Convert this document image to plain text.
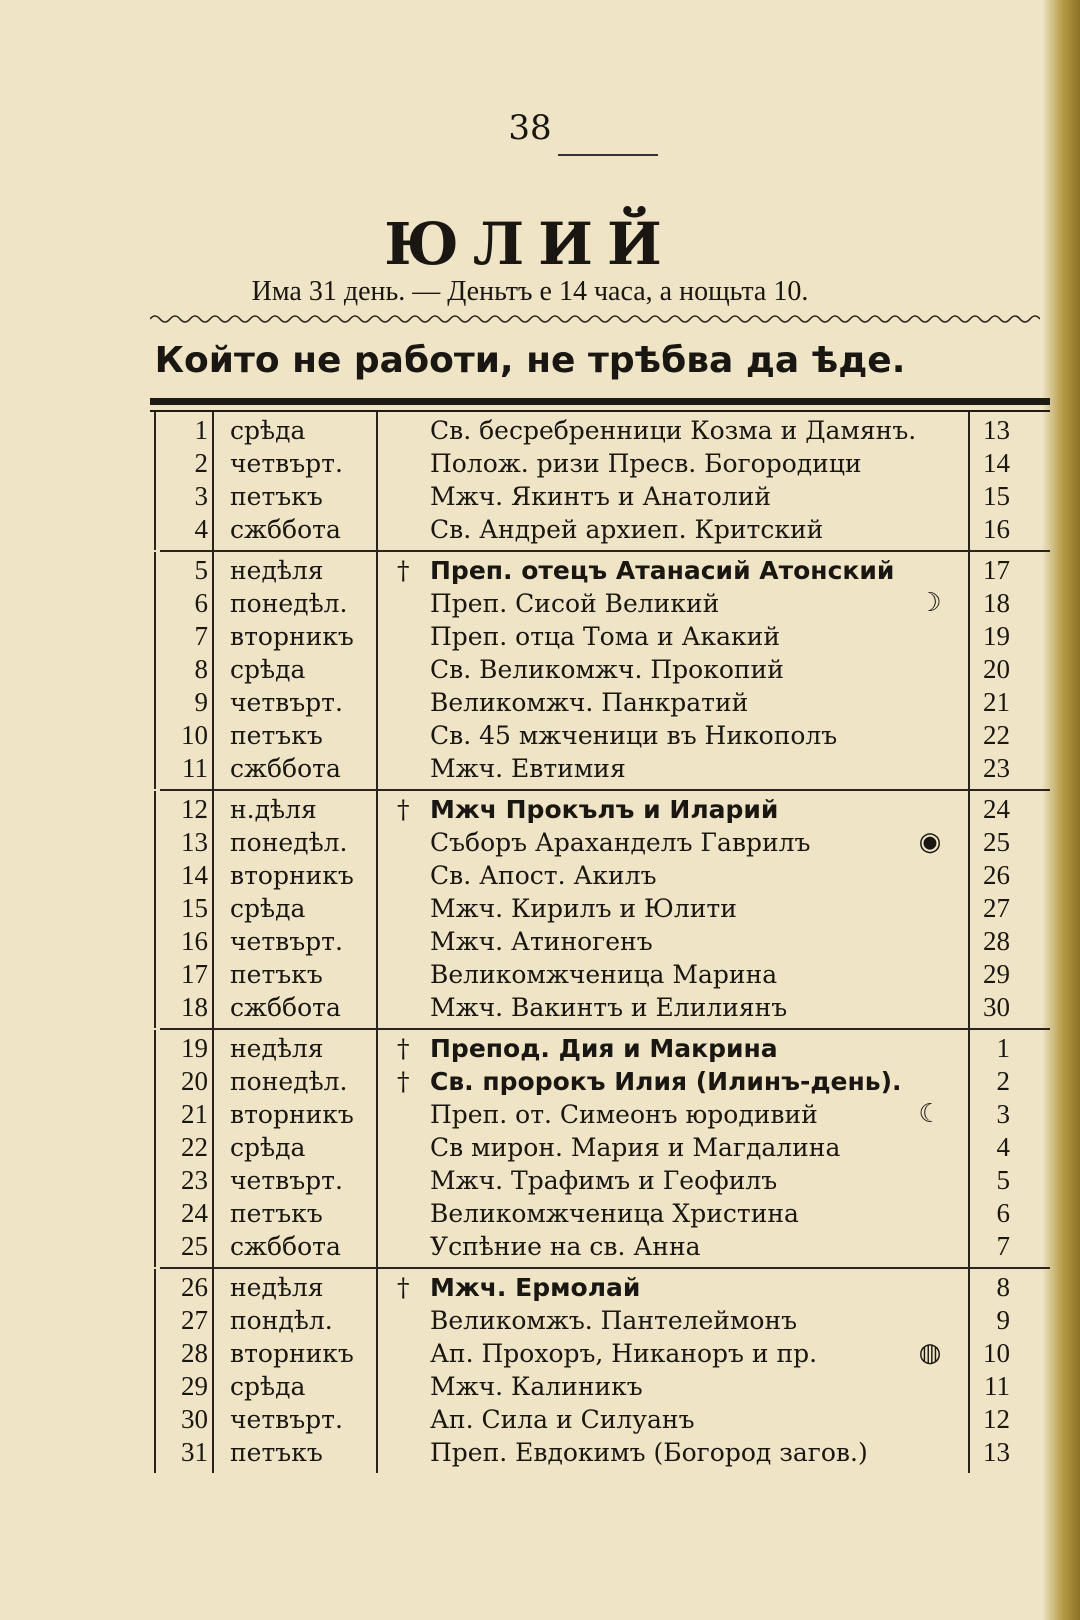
38
ЮЛИЙ
Има 31 день. — Деньтъ е 14 часа, а нощьта 10.
Който не работи, не трѣбва да ѣде.
1 срѣда	Св. бесребренници Козма и Дамянъ.	13
2 четвърт.	Полож. ризи Пресв. Богородици	14
3 петъкъ	Мжч. Якинтъ и Анатолий	15
4 сжббота	Св. Андрей архиеп. Критский	16
5 недѣля	† Преп. отецъ Атанасий Атонский	17
6 понедѣл.	Преп. Сисой Великий	☽	18
7 вторникъ	Преп. отца Тома и Акакий	19
8 срѣда	Св. Великомжч. Прокопий	20
9 четвърт.	Великомжч. Панкратий	21
10 петъкъ	Св. 45 мжченици въ Никополъ	22
11 сжббота	Мжч. Евтимия	23
12 н.дѣля	† Мжч Прокълъ и Иларий	24
13 понедѣл.	Съборъ Араханделъ Гаврилъ	◉	25
14 вторникъ	Св. Апост. Акилъ	26
15 срѣда	Мжч. Кирилъ и Юлити	27
16 четвърт.	Мжч. Атиногенъ	28
17 петъкъ	Великомжченица Марина	29
18 сжббота	Мжч. Вакинтъ и Елилиянъ	30
19 недѣля	† Препод. Дия и Макрина	1
20 понедѣл. † Св. пророкъ Илия (Илинъ-день).	2
21 вторникъ	Преп. от. Симеонъ юродивий	☾	3
22 срѣда	Св мирон. Мария и Магдалина	4
23 четвърт.	Мжч. Трафимъ и Геофилъ	5
24 петъкъ	Великомжченица Христина	6
25 сжббота	Успѣние на св. Анна	7
26 недѣля	† Мжч. Ермолай	8
27 пондѣл.	Великомжъ. Пантелеймонъ	9
28 вторникъ	Ап. Прохоръ, Никаноръ и пр.	◍	10
29 срѣда	Мжч. Калиникъ	11
30 четвърт.	Ап. Сила и Силуанъ	12
31 петъкъ	Преп. Евдокимъ (Богород загов.)	13
